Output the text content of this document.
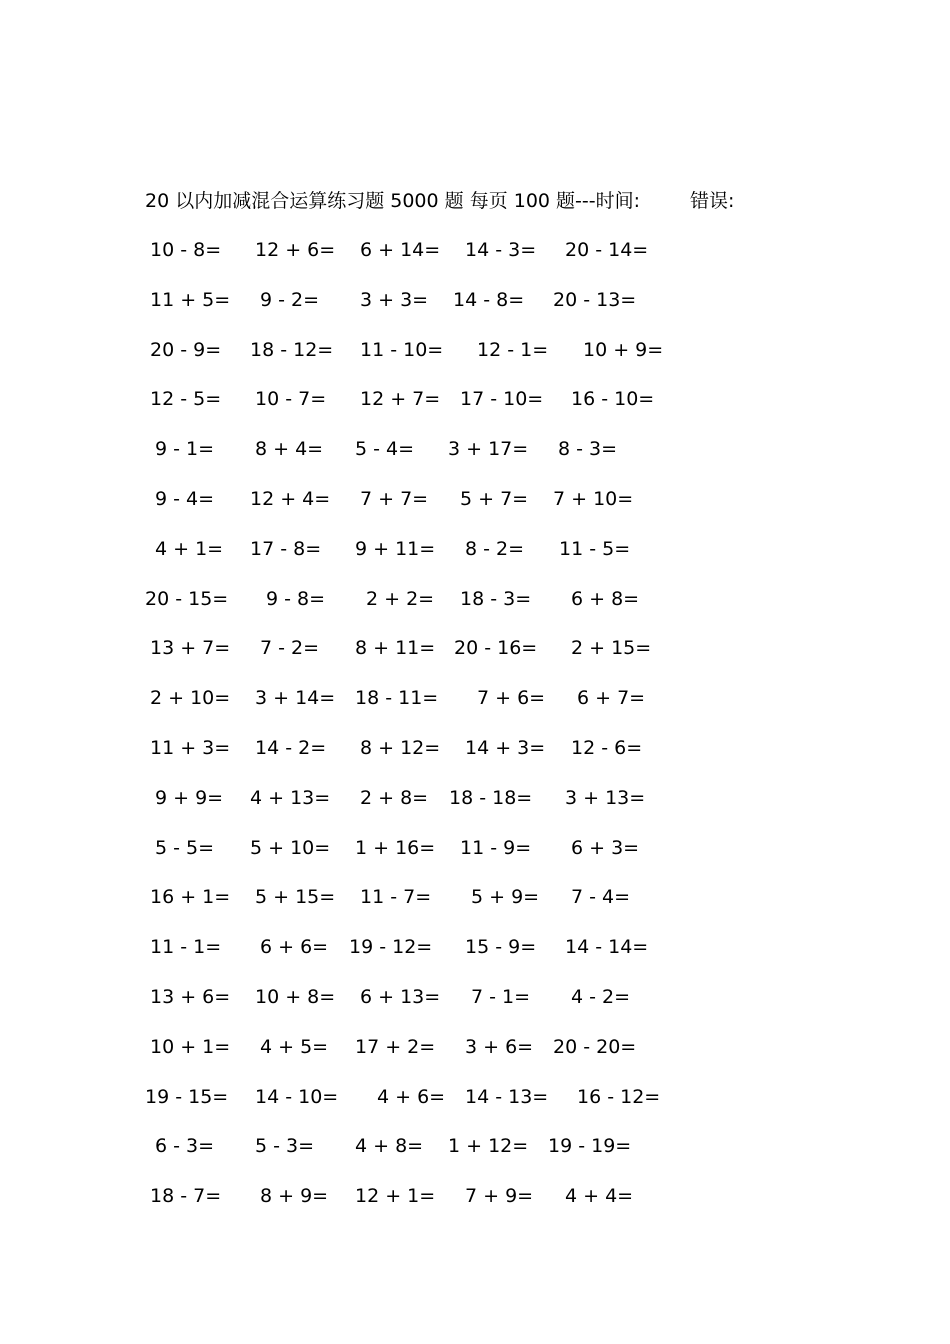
20 以内加减混合运算练习题 5000 题 每页 100 题---时间:	错误:
10 - 8= 12 + 6= 6 + 14= 14 - 3= 20 - 14=
11 + 5= 9 - 2= 3 + 3= 14 - 8= 20 - 13=
20 - 9= 18 - 12= 11 - 10= 12 - 1= 10 + 9=
12 - 5= 10 - 7= 12 + 7= 17 - 10= 16 - 10=
9 - 1= 8 + 4= 5 - 4= 3 + 17= 8 - 3=
9 - 4= 12 + 4= 7 + 7= 5 + 7= 7 + 10=
4 + 1= 17 - 8= 9 + 11= 8 - 2= 11 - 5=
20 - 15= 9 - 8= 2 + 2= 18 - 3= 6 + 8=
13 + 7= 7 - 2= 8 + 11= 20 - 16= 2 + 15=
2 + 10= 3 + 14= 18 - 11= 7 + 6= 6 + 7=
11 + 3= 14 - 2= 8 + 12= 14 + 3= 12 - 6=
9 + 9= 4 + 13= 2 + 8= 18 - 18= 3 + 13=
5 - 5= 5 + 10= 1 + 16= 11 - 9= 6 + 3=
16 + 1= 5 + 15= 11 - 7= 5 + 9= 7 - 4=
11 - 1= 6 + 6= 19 - 12= 15 - 9= 14 - 14=
13 + 6= 10 + 8= 6 + 13= 7 - 1= 4 - 2=
10 + 1= 4 + 5= 17 + 2= 3 + 6= 20 - 20=
19 - 15= 14 - 10= 4 + 6= 14 - 13= 16 - 12=
6 - 3= 5 - 3= 4 + 8= 1 + 12= 19 - 19=
18 - 7= 8 + 9= 12 + 1= 7 + 9= 4 + 4=
